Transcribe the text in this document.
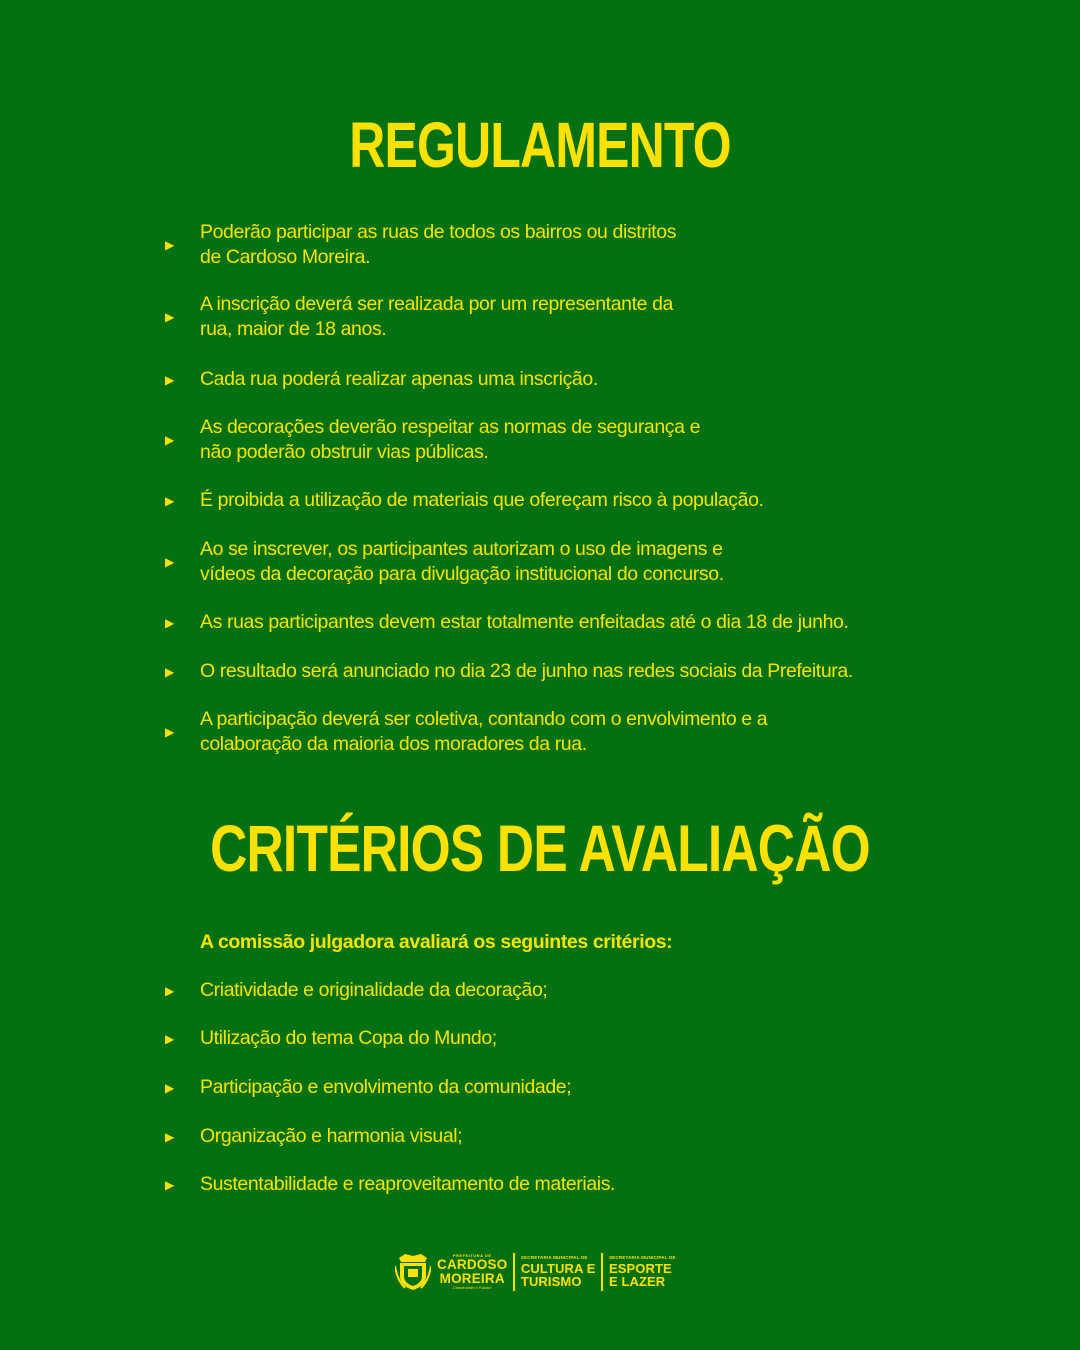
REGULAMENTO
▶
Poderão participar as ruas de todos os bairros ou distritos
de Cardoso Moreira.
▶
A inscrição deverá ser realizada por um representante da
rua, maior de 18 anos.
▶	Cada rua poderá realizar apenas uma inscrição.
▶
As decorações deverão respeitar as normas de segurança e
não poderão obstruir vias públicas.
▶	É proibida a utilização de materiais que ofereçam risco à população.
▶
Ao se inscrever, os participantes autorizam o uso de imagens e
vídeos da decoração para divulgação institucional do concurso.
▶	As ruas participantes devem estar totalmente enfeitadas até o dia 18 de junho.
▶	O resultado será anunciado no dia 23 de junho nas redes sociais da Prefeitura.
▶
A participação deverá ser coletiva, contando com o envolvimento e a
colaboração da maioria dos moradores da rua.
CRITÉRIOS DE AVALIAÇÃO
A comissão julgadora avaliará os seguintes critérios:
▶	Criatividade e originalidade da decoração;
▶	Utilização do tema Copa do Mundo;
▶	Participação e envolvimento da comunidade;
▶	Organização e harmonia visual;
▶	Sustentabilidade e reaproveitamento de materiais.
PREFEITURA DE
CARDOSO
MOREIRA
Construindo o Futuro!
SECRETARIA MUNICIPAL DE
CULTURA E
TURISMO
SECRETARIA MUNICIPAL DE
ESPORTE
E LAZER
